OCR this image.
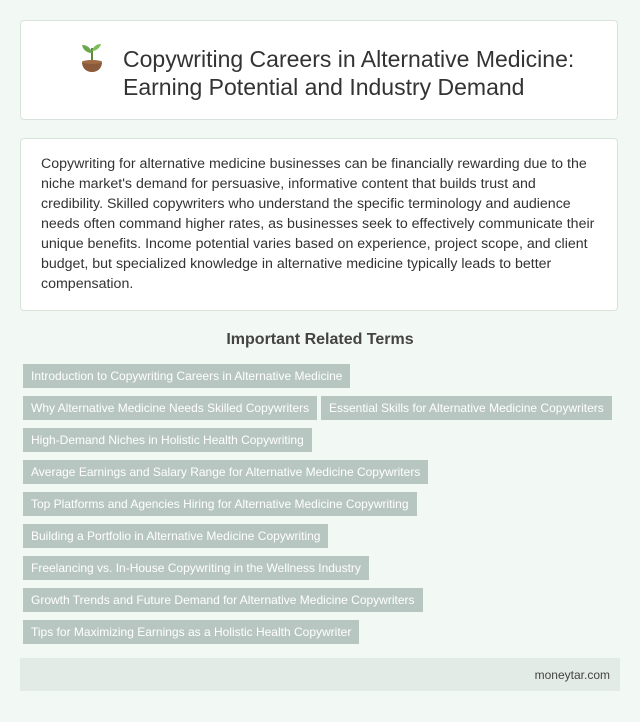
Copywriting Careers in Alternative Medicine: Earning Potential and Industry Demand

Copywriting for alternative medicine businesses can be financially rewarding due to the niche market's demand for persuasive, informative content that builds trust and credibility. Skilled copywriters who understand the specific terminology and audience needs often command higher rates, as businesses seek to effectively communicate their unique benefits. Income potential varies based on experience, project scope, and client budget, but specialized knowledge in alternative medicine typically leads to better compensation.

Important Related Terms
Introduction to Copywriting Careers in Alternative Medicine
Why Alternative Medicine Needs Skilled Copywriters	Essential Skills for Alternative Medicine Copywriters
High-Demand Niches in Holistic Health Copywriting
Average Earnings and Salary Range for Alternative Medicine Copywriters
Top Platforms and Agencies Hiring for Alternative Medicine Copywriting
Building a Portfolio in Alternative Medicine Copywriting
Freelancing vs. In-House Copywriting in the Wellness Industry
Growth Trends and Future Demand for Alternative Medicine Copywriters
Tips for Maximizing Earnings as a Holistic Health Copywriter
moneytar.com
